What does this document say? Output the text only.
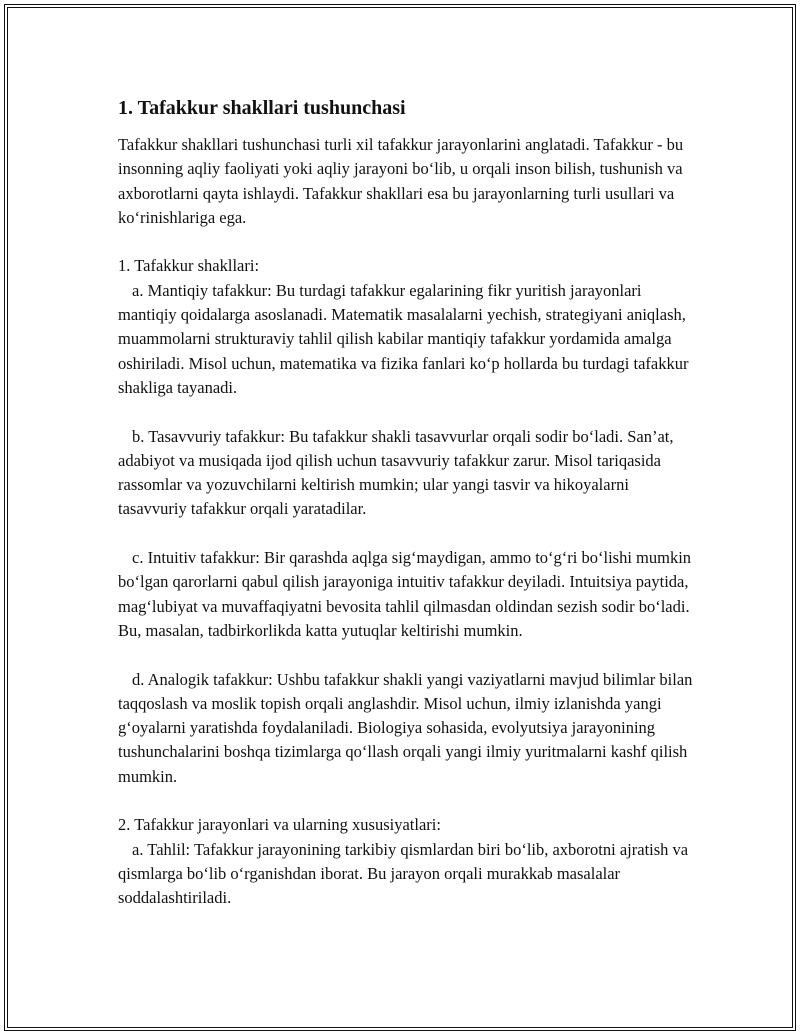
1. Tafakkur shakllari tushunchasi

Tafakkur shakllari tushunchasi turli xil tafakkur jarayonlarini anglatadi. Tafakkur - bu insonning aqliy faoliyati yoki aqliy jarayoni bo‘lib, u orqali inson bilish, tushunish va axborotlarni qayta ishlaydi. Tafakkur shakllari esa bu jarayonlarning turli usullari va ko‘rinishlariga ega.

1. Tafakkur shakllari:

a. Mantiqiy tafakkur: Bu turdagi tafakkur egalarining fikr yuritish jarayonlari mantiqiy qoidalarga asoslanadi. Matematik masalalarni yechish, strategiyani aniqlash, muammolarni strukturaviy tahlil qilish kabilar mantiqiy tafakkur yordamida amalga oshiriladi. Misol uchun, matematika va fizika fanlari ko‘p hollarda bu turdagi tafakkur shakliga tayanadi.

b. Tasavvuriy tafakkur: Bu tafakkur shakli tasavvurlar orqali sodir bo‘ladi. San’at, adabiyot va musiqada ijod qilish uchun tasavvuriy tafakkur zarur. Misol tariqasida rassomlar va yozuvchilarni keltirish mumkin; ular yangi tasvir va hikoyalarni tasavvuriy tafakkur orqali yaratadilar.

c. Intuitiv tafakkur: Bir qarashda aqlga sig‘maydigan, ammo to‘g‘ri bo‘lishi mumkin bo‘lgan qarorlarni qabul qilish jarayoniga intuitiv tafakkur deyiladi. Intuitsiya paytida, mag‘lubiyat va muvaffaqiyatni bevosita tahlil qilmasdan oldindan sezish sodir bo‘ladi. Bu, masalan, tadbirkorlikda katta yutuqlar keltirishi mumkin.

d. Analogik tafakkur: Ushbu tafakkur shakli yangi vaziyatlarni mavjud bilimlar bilan taqqoslash va moslik topish orqali anglashdir. Misol uchun, ilmiy izlanishda yangi g‘oyalarni yaratishda foydalaniladi. Biologiya sohasida, evolyutsiya jarayonining tushunchalarini boshqa tizimlarga qo‘llash orqali yangi ilmiy yuritmalarni kashf qilish mumkin.

2. Tafakkur jarayonlari va ularning xususiyatlari:

a. Tahlil: Tafakkur jarayonining tarkibiy qismlardan biri bo‘lib, axborotni ajratish va qismlarga bo‘lib o‘rganishdan iborat. Bu jarayon orqali murakkab masalalar soddalashtiriladi.
